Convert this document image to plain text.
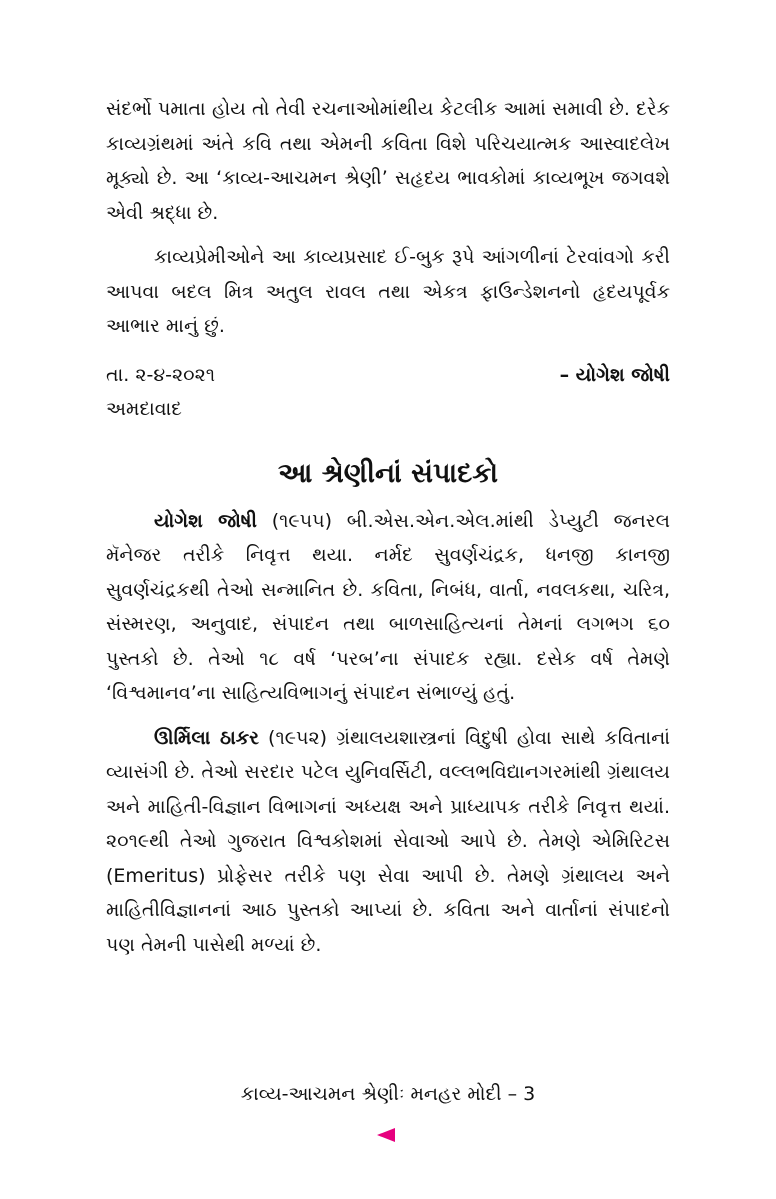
સંદર્ભો પમાતા હોય તો તેવી રચનાઓમાંથીય કેટલીક આમાં સમાવી છે. દરેક કાવ્યગ્રંથમાં અંતે કવિ તથા એમની કવિતા વિશે પરિચયાત્મક આસ્વાદલેખ મૂક્યો છે. આ ‘કાવ્ય-આચમન શ્રેણી’ સહૃદય ભાવકોમાં કાવ્યભૂખ જગવશે એવી શ્રદ્ધા છે.

કાવ્યપ્રેમીઓને આ કાવ્યપ્રસાદ ઈ-બુક રૂપે આંગળીનાં ટેરવાંવગો કરી આપવા બદલ મિત્ર અતુલ રાવલ તથા એકત્ર ફાઉન્ડેશનનો હૃદયપૂર્વક આભાર માનું છું.

તા. ૨-૪-૨૦૨૧	– યોગેશ જોષી
અમદાવાદ
આ શ્રેણીનાં સંપાદકો

યોગેશ જોષી (૧૯૫૫) બી.એસ.એન.એલ.માંથી ડેપ્યુટી જનરલ મૅનેજર તરીકે નિવૃત્ત થયા. નર્મદ સુવર્ણચંદ્રક, ધનજી કાનજી સુવર્ણચંદ્રકથી તેઓ સન્માનિત છે. કવિતા, નિબંધ, વાર્તા, નવલકથા, ચરિત્ર, સંસ્મરણ, અનુવાદ, સંપાદન તથા બાળસાહિત્યનાં તેમનાં લગભગ ૬૦ પુસ્તકો છે. તેઓ ૧૮ વર્ષ ‘પરબ’ના સંપાદક રહ્યા. દસેક વર્ષ તેમણે ‘વિશ્વમાનવ’ના સાહિત્યવિભાગનું સંપાદન સંભાળ્યું હતું.

ઊર્મિલા ઠાકર (૧૯૫૨) ગ્રંથાલયશાસ્ત્રનાં વિદુષી હોવા સાથે કવિતાનાં વ્યાસંગી છે. તેઓ સરદાર પટેલ યુનિવર્સિટી, વલ્લભવિદ્યાનગરમાંથી ગ્રંથાલય અને માહિતી-વિજ્ઞાન વિભાગનાં અધ્યક્ષ અને પ્રાધ્યાપક તરીકે નિવૃત્ત થયાં. ૨૦૧૯થી તેઓ ગુજરાત વિશ્વકોશમાં સેવાઓ આપે છે. તેમણે એમિરિટસ (Emeritus) પ્રોફેસર તરીકે પણ સેવા આપી છે. તેમણે ગ્રંથાલય અને માહિતીવિજ્ઞાનનાં આઠ પુસ્તકો આપ્યાં છે. કવિતા અને વાર્તાનાં સંપાદનો પણ તેમની પાસેથી મળ્યાં છે.

કાવ્ય-આચમન શ્રેણીઃ મનહર મોદી – 3
